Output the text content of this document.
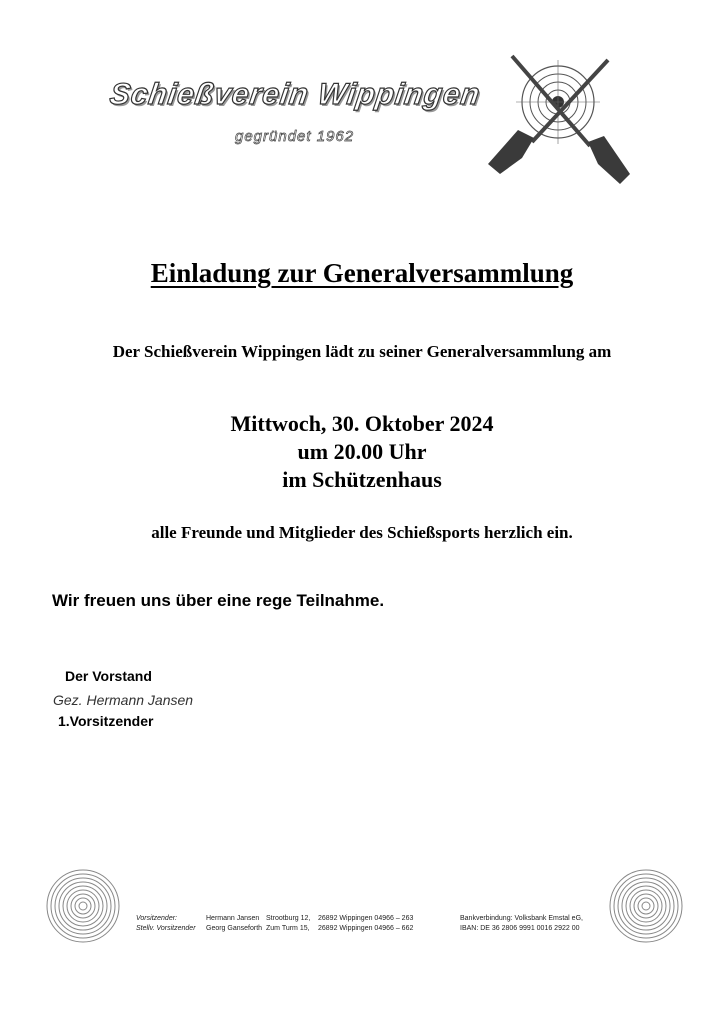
Schießverein Wippingen
gegründet 1962
Einladung zur Generalversammlung
Der Schießverein Wippingen lädt zu seiner Generalversammlung am
Mittwoch, 30. Oktober 2024
um 20.00 Uhr
im Schützenhaus
alle Freunde und Mitglieder des Schießsports herzlich ein.
Wir freuen uns über eine rege Teilnahme.
Der Vorstand
Gez. Hermann Jansen
1.Vorsitzender
Vorsitzender:
Stellv. Vorsitzender
Hermann Jansen
Georg Ganseforth
Strootburg 12,
Zum Turm 15,
26892 Wippingen 04966 – 263
26892 Wippingen 04966 – 662
Bankverbindung: Volksbank Emstal eG,
IBAN: DE 36 2806 9991 0016 2922 00
